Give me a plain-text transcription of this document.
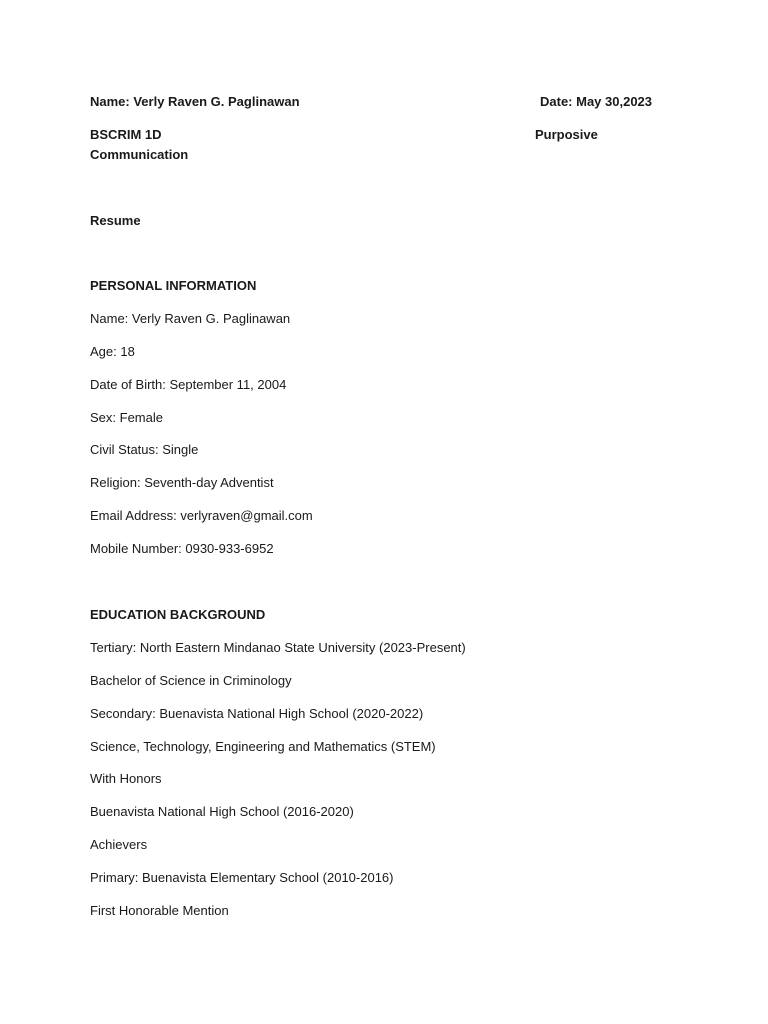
Name: Verly Raven G. Paglinawan	Date: May 30,2023
BSCRIM 1D	Purposive
Communication
Resume
PERSONAL INFORMATION
Name: Verly Raven G. Paglinawan
Age: 18
Date of Birth: September 11, 2004
Sex: Female
Civil Status: Single
Religion: Seventh-day Adventist
Email Address: verlyraven@gmail.com
Mobile Number: 0930-933-6952
EDUCATION BACKGROUND
Tertiary: North Eastern Mindanao State University (2023-Present)
Bachelor of Science in Criminology
Secondary: Buenavista National High School (2020-2022)
Science, Technology, Engineering and Mathematics (STEM)
With Honors
Buenavista National High School (2016-2020)
Achievers
Primary: Buenavista Elementary School (2010-2016)
First Honorable Mention
